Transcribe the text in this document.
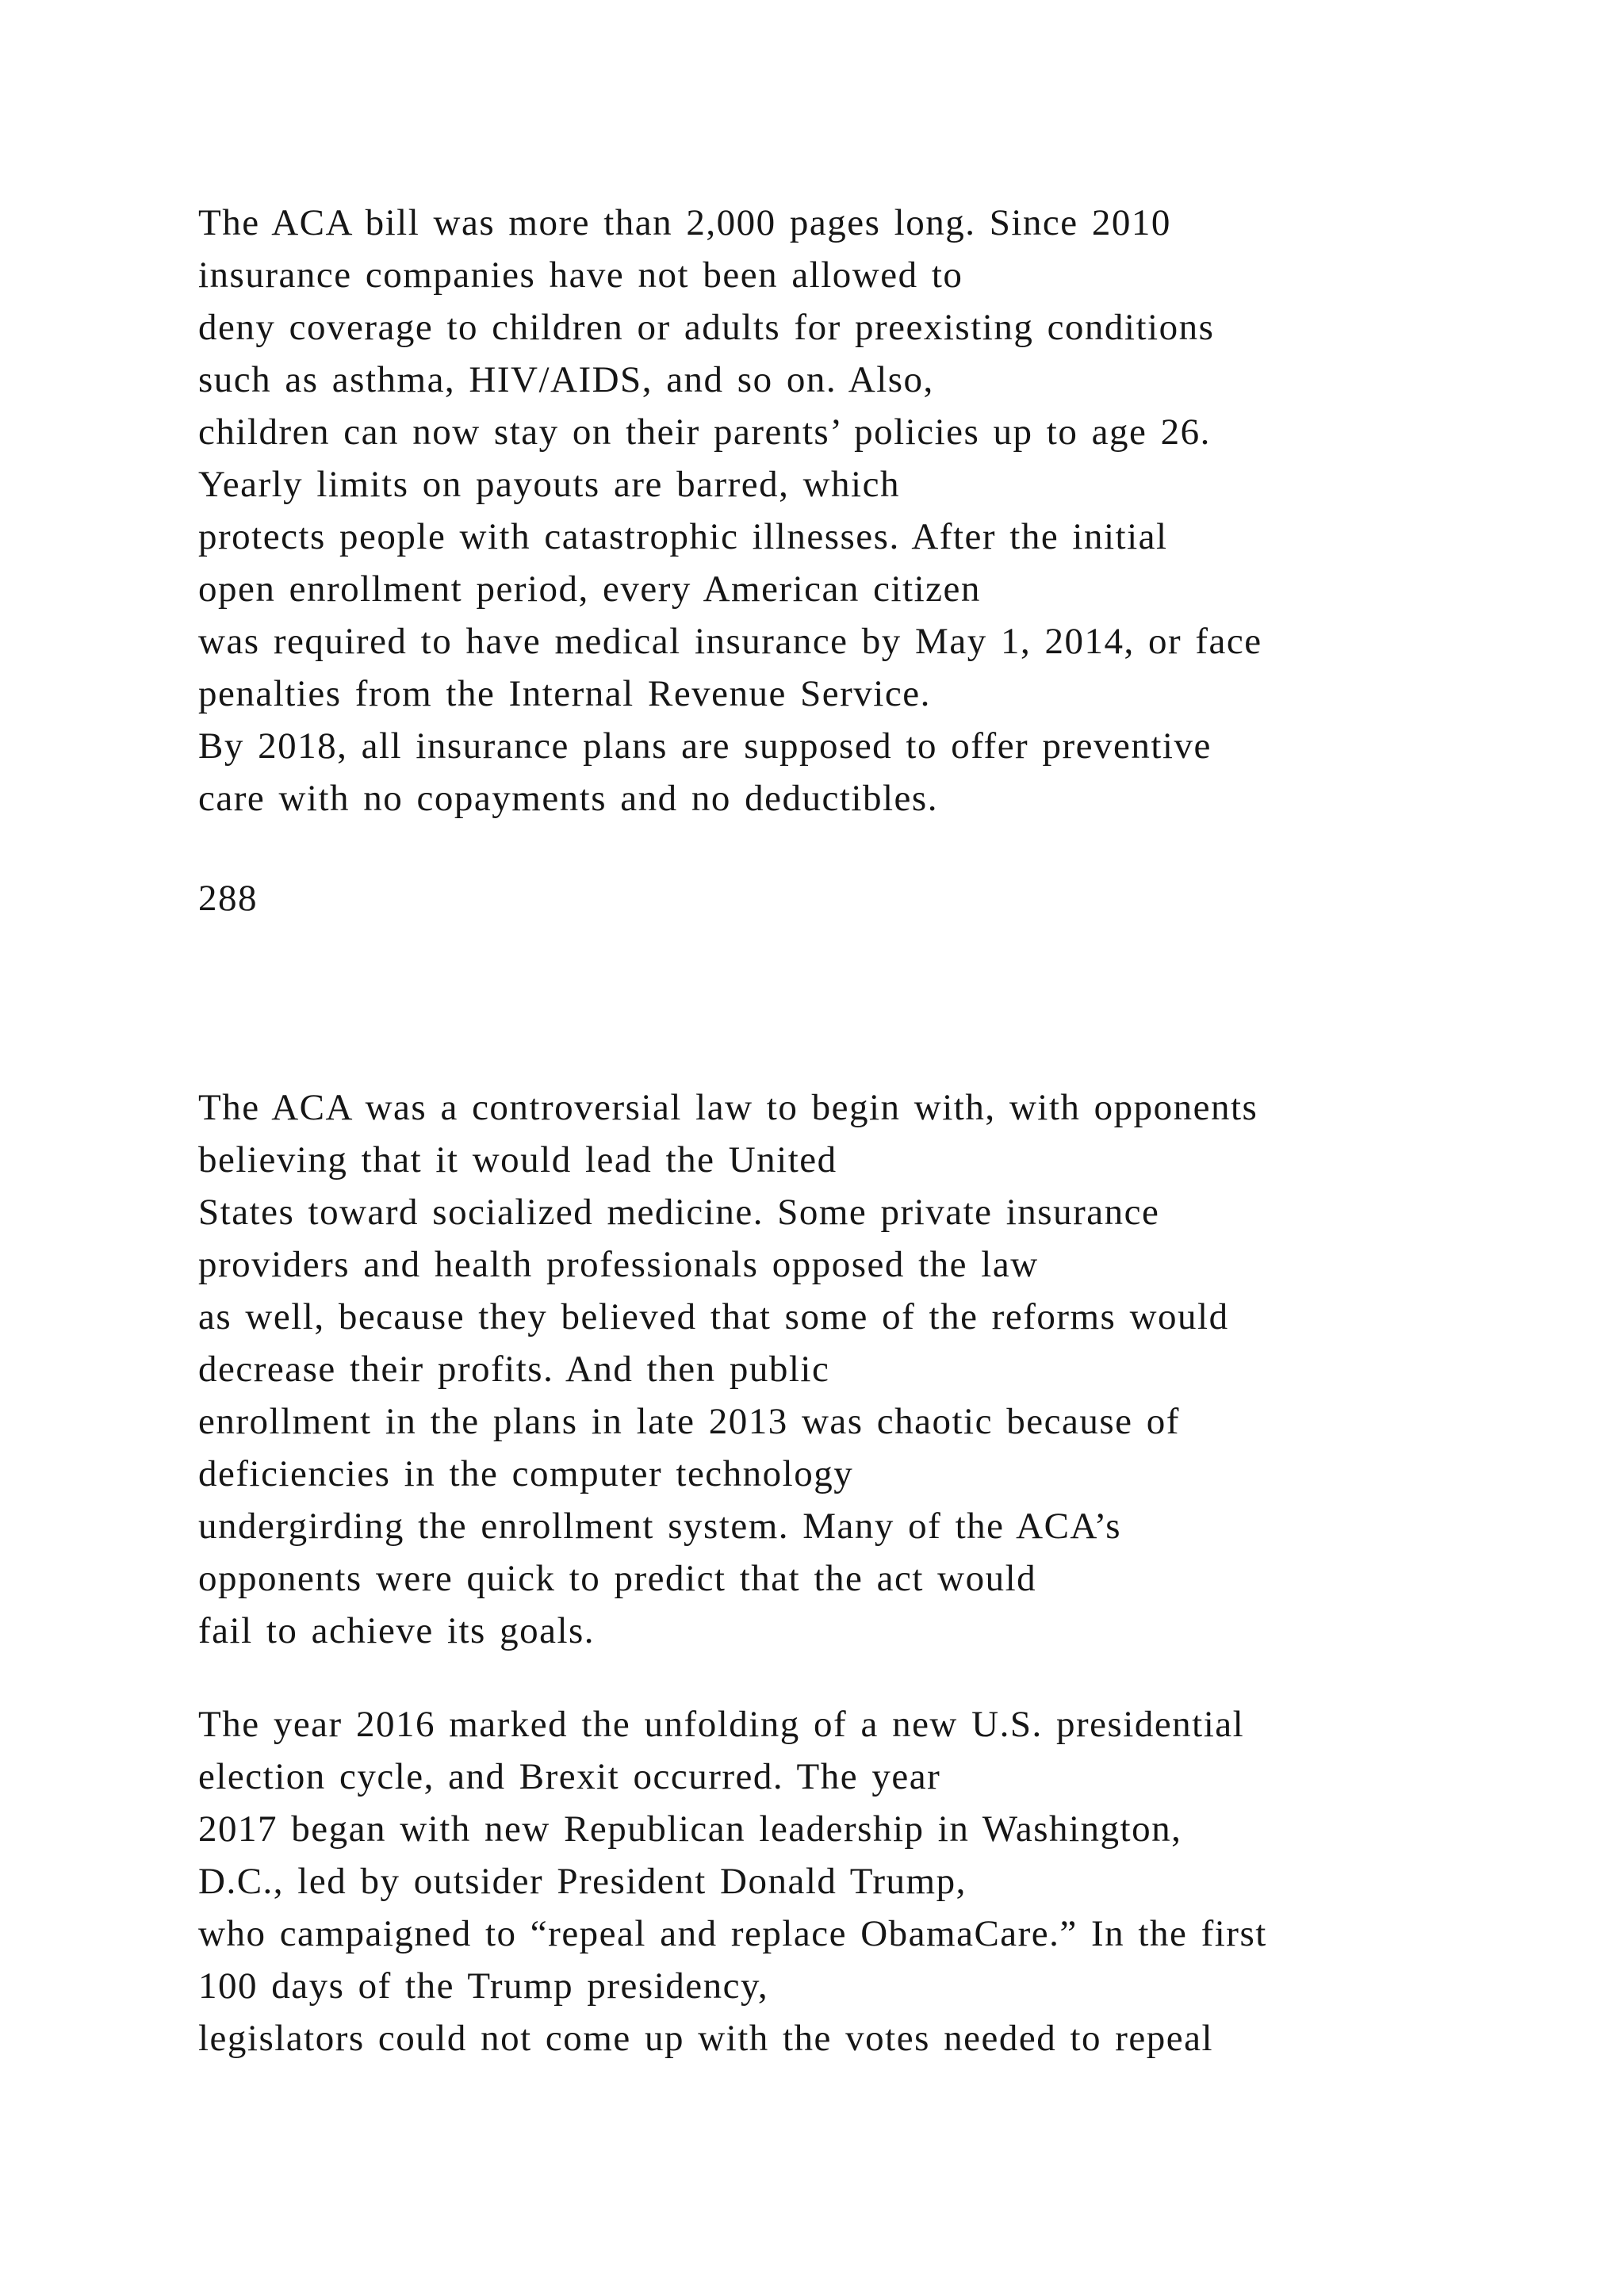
The ACA bill was more than 2,000 pages long. Since 2010
insurance companies have not been allowed to
deny coverage to children or adults for preexisting conditions
such as asthma, HIV/AIDS, and so on. Also,
children can now stay on their parents’ policies up to age 26.
Yearly limits on payouts are barred, which
protects people with catastrophic illnesses. After the initial
open enrollment period, every American citizen
was required to have medical insurance by May 1, 2014, or face
penalties from the Internal Revenue Service.
By 2018, all insurance plans are supposed to offer preventive
care with no copayments and no deductibles.
288
The ACA was a controversial law to begin with, with opponents
believing that it would lead the United
States toward socialized medicine. Some private insurance
providers and health professionals opposed the law
as well, because they believed that some of the reforms would
decrease their profits. And then public
enrollment in the plans in late 2013 was chaotic because of
deficiencies in the computer technology
undergirding the enrollment system. Many of the ACA’s
opponents were quick to predict that the act would
fail to achieve its goals.
The year 2016 marked the unfolding of a new U.S. presidential
election cycle, and Brexit occurred. The year
2017 began with new Republican leadership in Washington,
D.C., led by outsider President Donald Trump,
who campaigned to “repeal and replace ObamaCare.” In the first
100 days of the Trump presidency,
legislators could not come up with the votes needed to repeal
